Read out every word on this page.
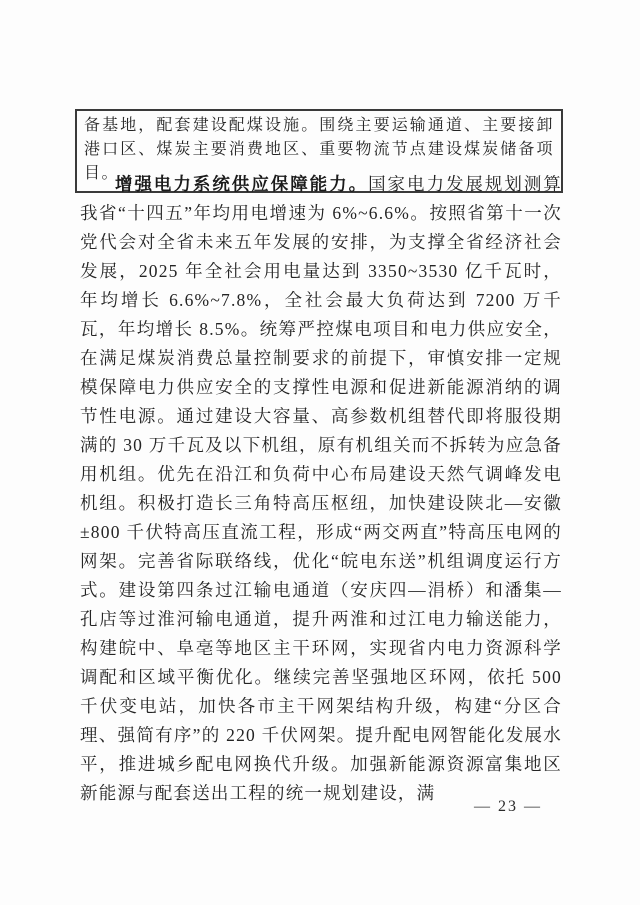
备基地，配套建设配煤设施。围绕主要运输通道、主要接卸港口区、煤炭主要消费地区、重要物流节点建设煤炭储备项目。

增强电力系统供应保障能力。国家电力发展规划测算我省“十四五”年均用电增速为 6%~6.6%。按照省第十一次党代会对全省未来五年发展的安排，为支撑全省经济社会发展，2025 年全社会用电量达到 3350~3530 亿千瓦时，年均增长 6.6%~7.8%，全社会最大负荷达到 7200 万千瓦，年均增长 8.5%。统筹严控煤电项目和电力供应安全，在满足煤炭消费总量控制要求的前提下，审慎安排一定规模保障电力供应安全的支撑性电源和促进新能源消纳的调节性电源。通过建设大容量、高参数机组替代即将服役期满的 30 万千瓦及以下机组，原有机组关而不拆转为应急备用机组。优先在沿江和负荷中心布局建设天然气调峰发电机组。积极打造长三角特高压枢纽，加快建设陕北—安徽±800 千伏特高压直流工程，形成“两交两直”特高压电网的网架。完善省际联络线，优化“皖电东送”机组调度运行方式。建设第四条过江输电通道（安庆四—涓桥）和潘集—孔店等过淮河输电通道，提升两淮和过江电力输送能力，构建皖中、阜亳等地区主干环网，实现省内电力资源科学调配和区域平衡优化。继续完善坚强地区环网，依托 500 千伏变电站，加快各市主干网架结构升级，构建“分区合理、强简有序”的 220 千伏网架。提升配电网智能化发展水平，推进城乡配电网换代升级。加强新能源资源富集地区新能源与配套送出工程的统一规划建设，满

— 23 —
